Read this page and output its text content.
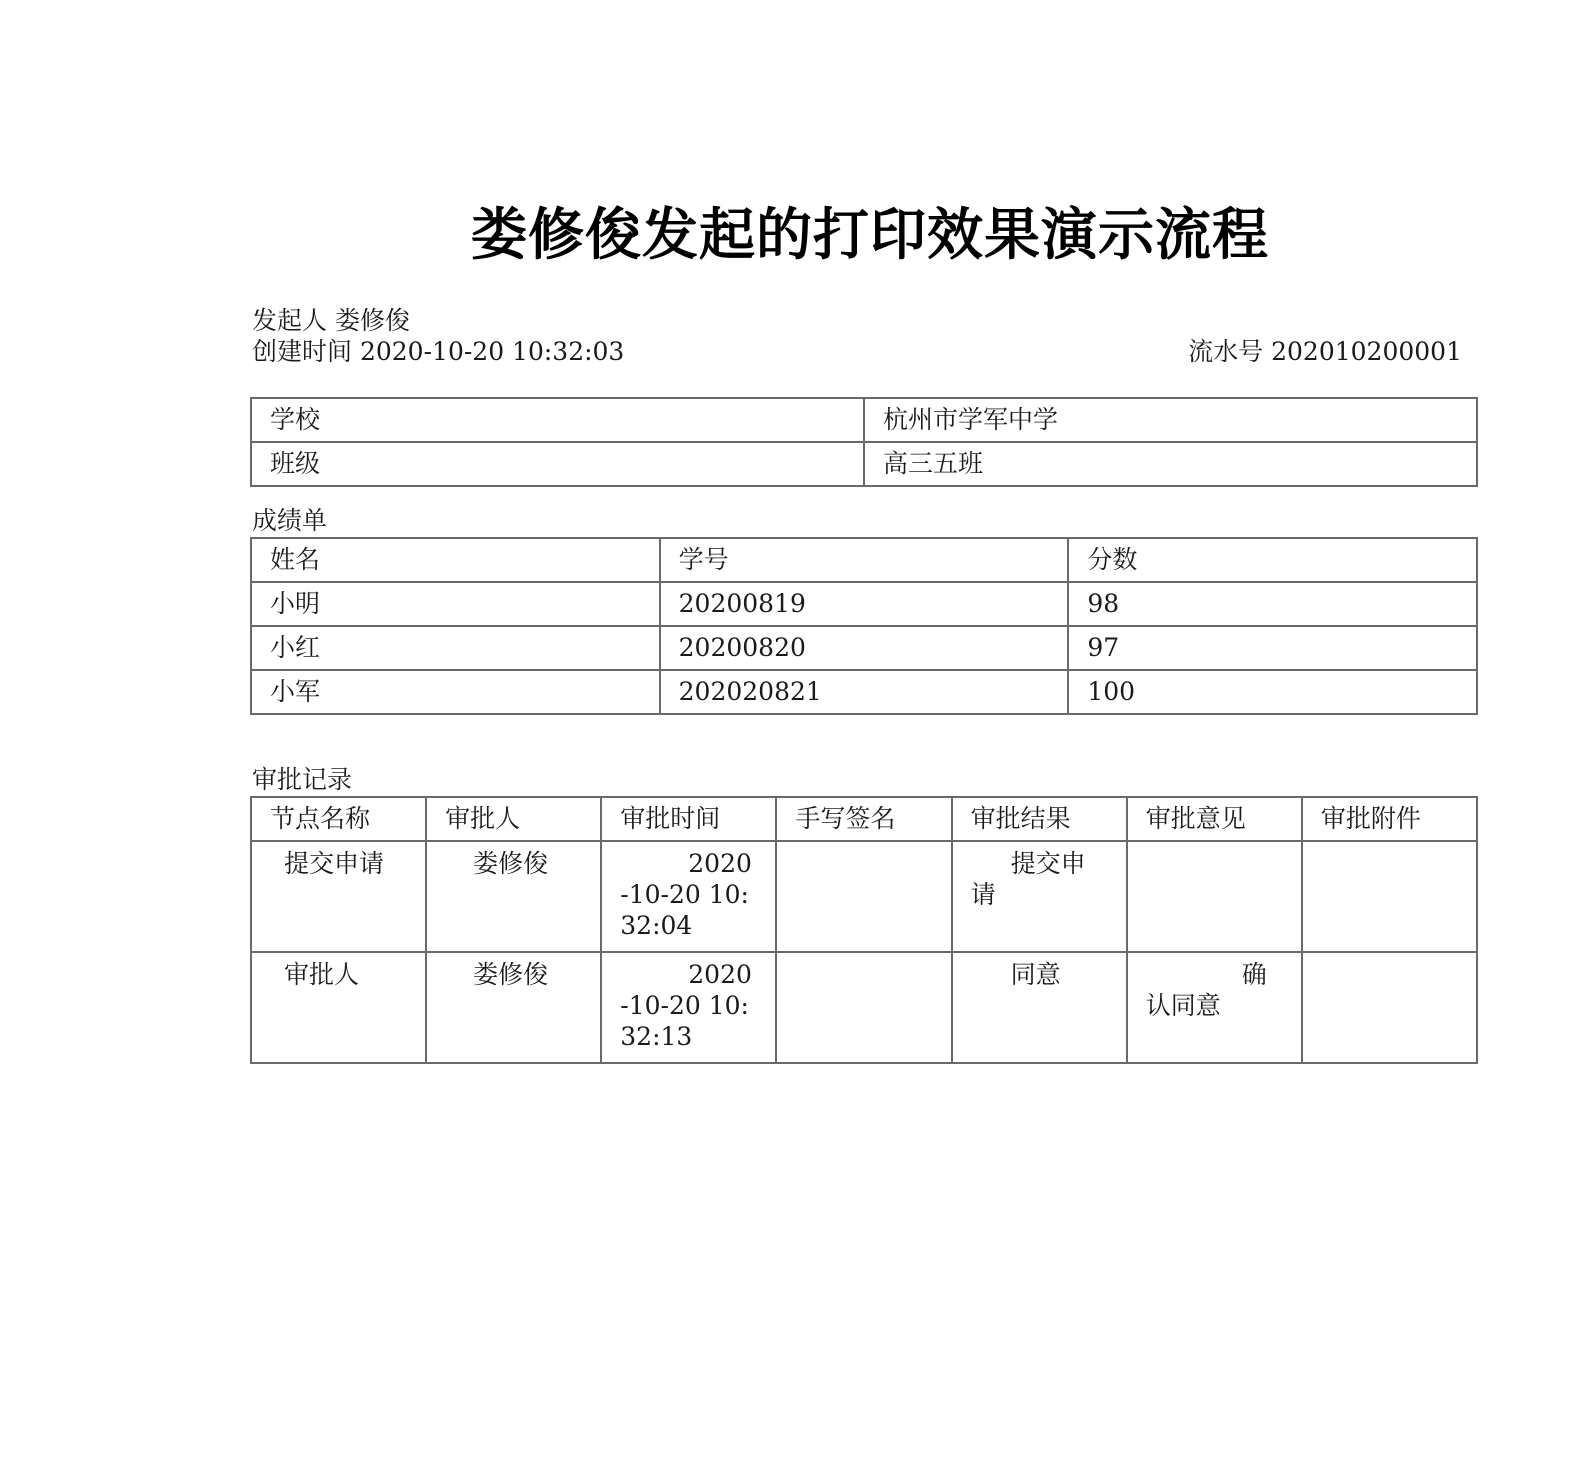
娄修俊发起的打印效果演示流程
发起人 娄修俊
创建时间 2020-10-20 10:32:03	流水号 202010200001
学校	杭州市学军中学
班级	高三五班
成绩单
姓名	学号	分数
小明	20200819	98
小红	20200820	97
小军	202020821	100
审批记录
节点名称	审批人	审批时间	手写签名	审批结果	审批意见	审批附件
提交申请	娄修俊	2020-10-20 10:32:04		提交申请		
审批人	娄修俊	2020-10-20 10:32:13		同意	确认同意	
